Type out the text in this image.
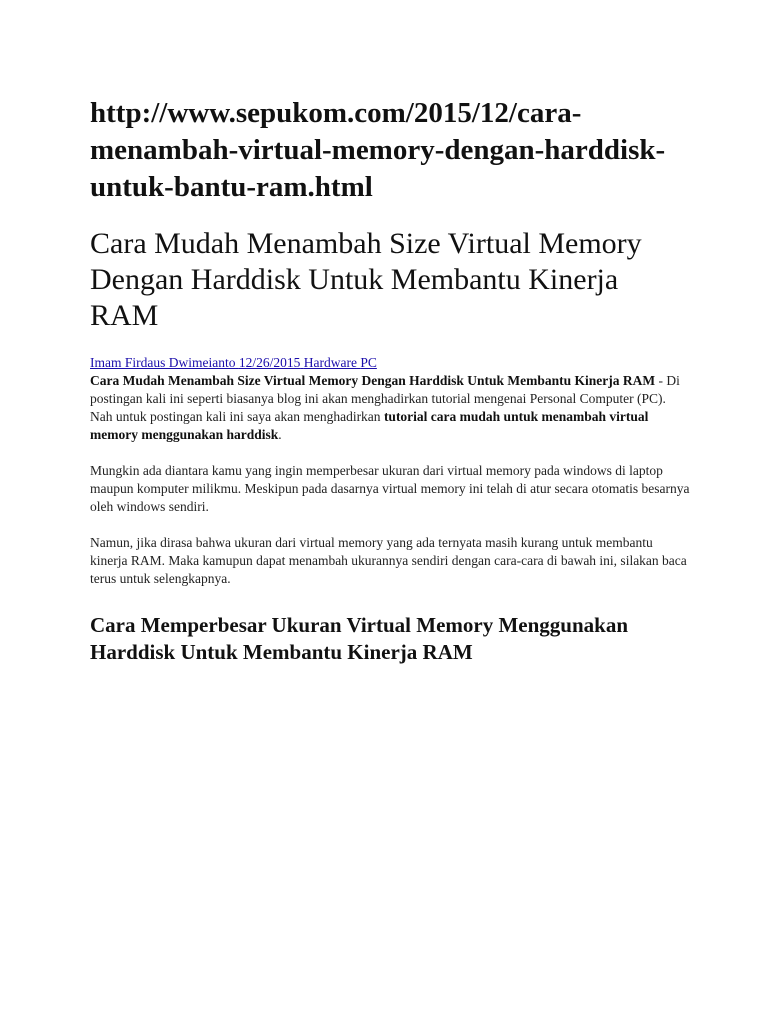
http://www.sepukom.com/2015/12/cara-menambah-virtual-memory-dengan-harddisk-untuk-bantu-ram.html
Cara Mudah Menambah Size Virtual Memory Dengan Harddisk Untuk Membantu Kinerja RAM
Imam Firdaus Dwimeianto 12/26/2015 Hardware PC

Cara Mudah Menambah Size Virtual Memory Dengan Harddisk Untuk Membantu Kinerja RAM - Di postingan kali ini seperti biasanya blog ini akan menghadirkan tutorial mengenai Personal Computer (PC). Nah untuk postingan kali ini saya akan menghadirkan tutorial cara mudah untuk menambah virtual memory menggunakan harddisk.

Mungkin ada diantara kamu yang ingin memperbesar ukuran dari virtual memory pada windows di laptop maupun komputer milikmu. Meskipun pada dasarnya virtual memory ini telah di atur secara otomatis besarnya oleh windows sendiri.

Namun, jika dirasa bahwa ukuran dari virtual memory yang ada ternyata masih kurang untuk membantu kinerja RAM. Maka kamupun dapat menambah ukurannya sendiri dengan cara-cara di bawah ini, silakan baca terus untuk selengkapnya.

Cara Memperbesar Ukuran Virtual Memory Menggunakan Harddisk Untuk Membantu Kinerja RAM
